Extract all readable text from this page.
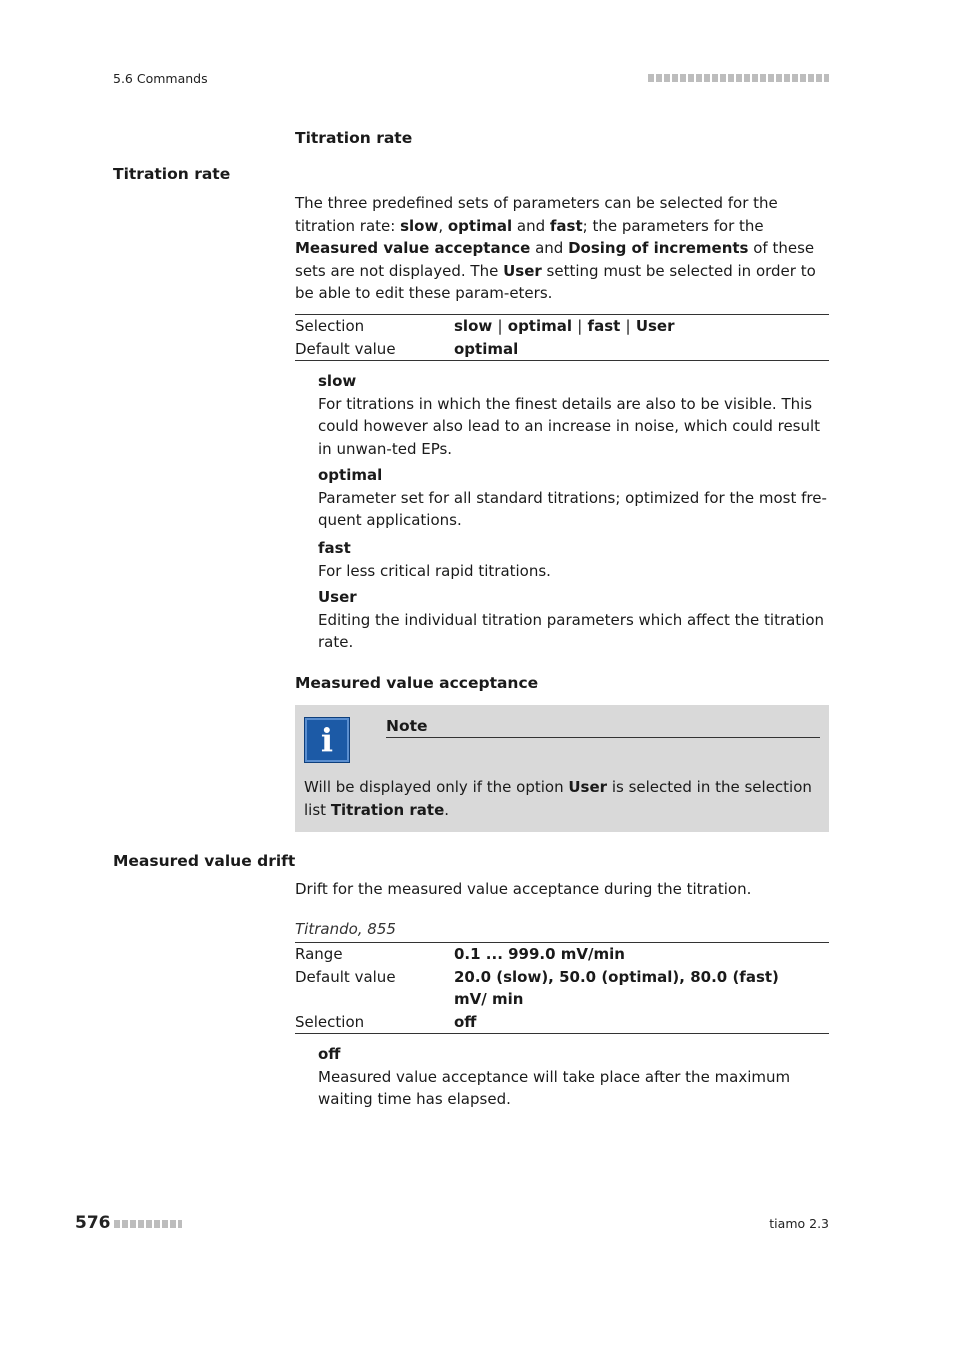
5.6 Commands
Titration rate
Titration rate
The three predefined sets of parameters can be selected for the titration rate: slow, optimal and fast; the parameters for the Measured value acceptance and Dosing of increments of these sets are not displayed. The User setting must be selected in order to be able to edit these param-eters.
Selection	slow | optimal | fast | User
Default value	optimal
slow
For titrations in which the finest details are also to be visible. This could however also lead to an increase in noise, which could result in unwan-ted EPs.
optimal
Parameter set for all standard titrations; optimized for the most fre-quent applications.
fast
For less critical rapid titrations.
User
Editing the individual titration parameters which affect the titration rate.
Measured value acceptance
i	Note
Will be displayed only if the option User is selected in the selection list Titration rate.
Measured value drift
Drift for the measured value acceptance during the titration.
Titrando, 855
Range	0.1 ... 999.0 mV/min
Default value	20.0 (slow), 50.0 (optimal), 80.0 (fast) mV/ min
Selection	off
off
Measured value acceptance will take place after the maximum waiting time has elapsed.
576	tiamo 2.3
